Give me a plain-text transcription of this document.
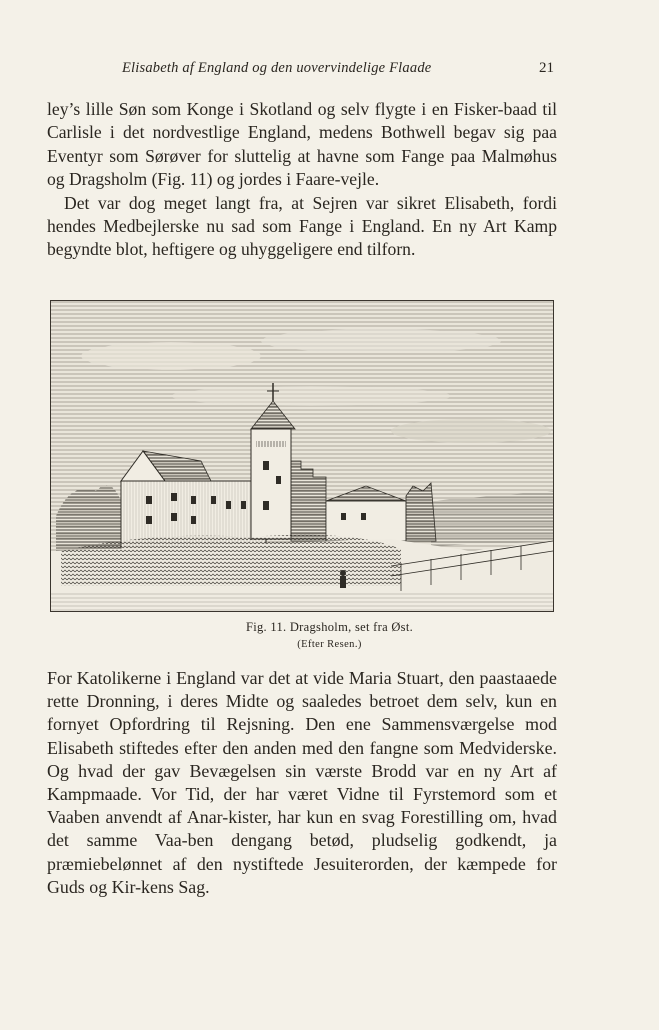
Elisabeth af England og den uovervindelige Flaade	21

ley’s lille Søn som Konge i Skotland og selv flygte i en Fisker-baad til Carlisle i det nordvestlige England, medens Bothwell begav sig paa Eventyr som Sørøver for sluttelig at havne som Fange paa Malmøhus og Dragsholm (Fig. 11) og jordes i Faare-vejle.

Det var dog meget langt fra, at Sejren var sikret Elisabeth, fordi hendes Medbejlerske nu sad som Fange i England. En ny Art Kamp begyndte blot, heftigere og uhyggeligere end tilforn.

Fig. 11. Dragsholm, set fra Øst.
(Efter Resen.)

For Katolikerne i England var det at vide Maria Stuart, den paastaaede rette Dronning, i deres Midte og saaledes betroet dem selv, kun en fornyet Opfordring til Rejsning. Den ene Sammensværgelse mod Elisabeth stiftedes efter den anden med den fangne som Medviderske. Og hvad der gav Bevægelsen sin værste Brodd var en ny Art af Kampmaade. Vor Tid, der har været Vidne til Fyrstemord som et Vaaben anvendt af Anar-kister, har kun en svag Forestilling om, hvad det samme Vaa-ben dengang betød, pludselig godkendt, ja præmiebelønnet af den nystiftede Jesuiterorden, der kæmpede for Guds og Kir-kens Sag.
